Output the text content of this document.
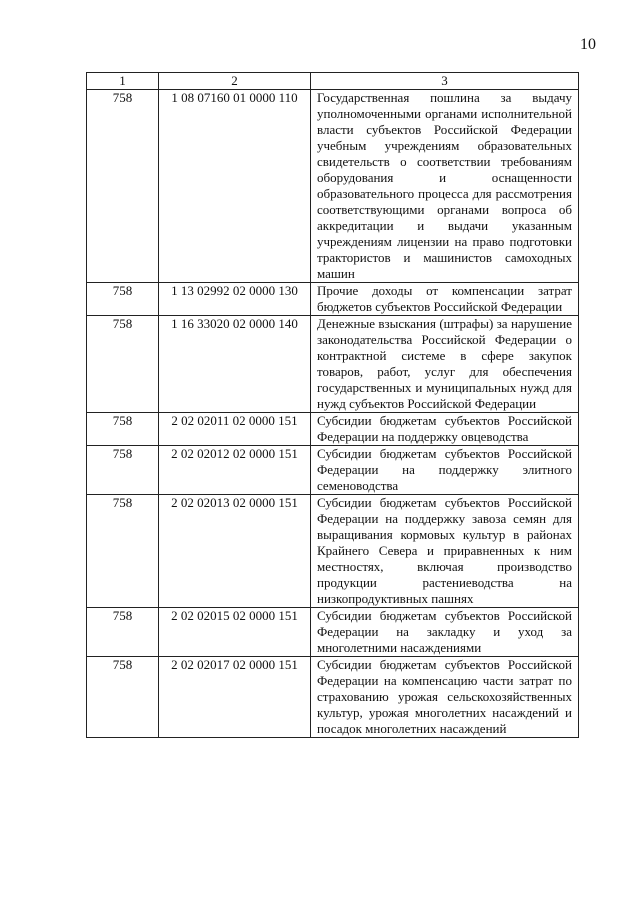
10
1	2	3
758	1 08 07160 01 0000 110	Государственная пошлина за выдачу уполномоченными органами исполнительной власти субъектов Российской Федерации учебным учреждениям образовательных свидетельств о соответствии требованиям оборудования и оснащенности образовательного процесса для рассмотрения соответствующими органами вопроса об аккредитации и выдачи указанным учреждениям лицензии на право подготовки трактористов и машинистов самоходных машин
758	1 13 02992 02 0000 130	Прочие доходы от компенсации затрат бюджетов субъектов Российской Федерации
758	1 16 33020 02 0000 140	Денежные взыскания (штрафы) за нарушение законодательства Российской Федерации о контрактной системе в сфере закупок товаров, работ, услуг для обеспечения государственных и муниципальных нужд для нужд субъектов Российской Федерации
758	2 02 02011 02 0000 151	Субсидии бюджетам субъектов Российской Федерации на поддержку овцеводства
758	2 02 02012 02 0000 151	Субсидии бюджетам субъектов Российской Федерации на поддержку элитного семеноводства
758	2 02 02013 02 0000 151	Субсидии бюджетам субъектов Российской Федерации на поддержку завоза семян для выращивания кормовых культур в районах Крайнего Севера и приравненных к ним местностях, включая производство продукции растениеводства на низкопродуктивных пашнях
758	2 02 02015 02 0000 151	Субсидии бюджетам субъектов Российской Федерации на закладку и уход за многолетними насаждениями
758	2 02 02017 02 0000 151	Субсидии бюджетам субъектов Российской Федерации на компенсацию части затрат по страхованию урожая сельскохозяйственных культур, урожая многолетних насаждений и посадок многолетних насаждений
